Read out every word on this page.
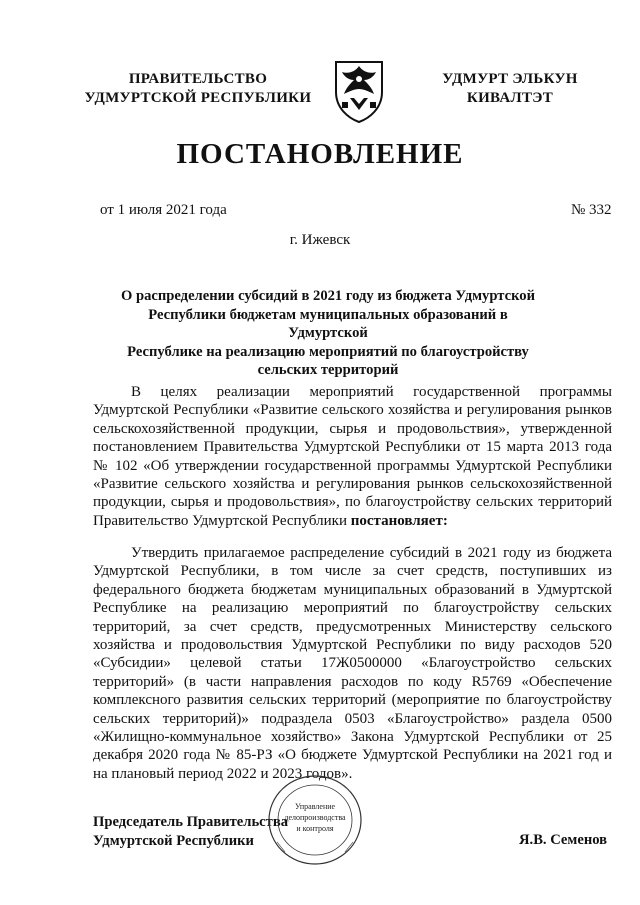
ПРАВИТЕЛЬСТВО
УДМУРТСКОЙ РЕСПУБЛИКИ
УДМУРТ ЭЛЬКУН
КИВАЛТЭТ
ПОСТАНОВЛЕНИЕ
от 1 июля 2021 года	№ 332
г. Ижевск
О распределении субсидий в 2021 году из бюджета Удмуртской
Республики бюджетам муниципальных образований в Удмуртской
Республике на реализацию мероприятий по благоустройству
сельских территорий
В целях реализации мероприятий государственной программы Удмуртской Республики «Развитие сельского хозяйства и регулирования рынков сельскохозяйственной продукции, сырья и продовольствия», утвержденной постановлением Правительства Удмуртской Республики от 15 марта 2013 года № 102 «Об утверждении государственной программы Удмуртской Республики «Развитие сельского хозяйства и регулирования рынков сельскохозяйственной продукции, сырья и продовольствия», по благоустройству сельских территорий Правительство Удмуртской Республики постановляет:
Утвердить прилагаемое распределение субсидий в 2021 году из бюджета Удмуртской Республики, в том числе за счет средств, поступивших из федерального бюджета бюджетам муниципальных образований в Удмуртской Республике на реализацию мероприятий по благоустройству сельских территорий, за счет средств, предусмотренных Министерству сельского хозяйства и продовольствия Удмуртской Республики по виду расходов 520 «Субсидии» целевой статьи 17Ж0500000 «Благоустройство сельских территорий» (в части направления расходов по коду R5769 «Обеспечение комплексного развития сельских территорий (мероприятие по благоустройству сельских территорий)» подраздела 0503 «Благоустройство» раздела 0500 «Жилищно-коммунальное хозяйство» Закона Удмуртской Республики от 25 декабря 2020 года № 85-РЗ «О бюджете Удмуртской Республики на 2021 год и на плановый период 2022 и 2023 годов».
Председатель Правительства
Удмуртской Республики	Я.В. Семенов
Управление
делопроизводства
и контроля
